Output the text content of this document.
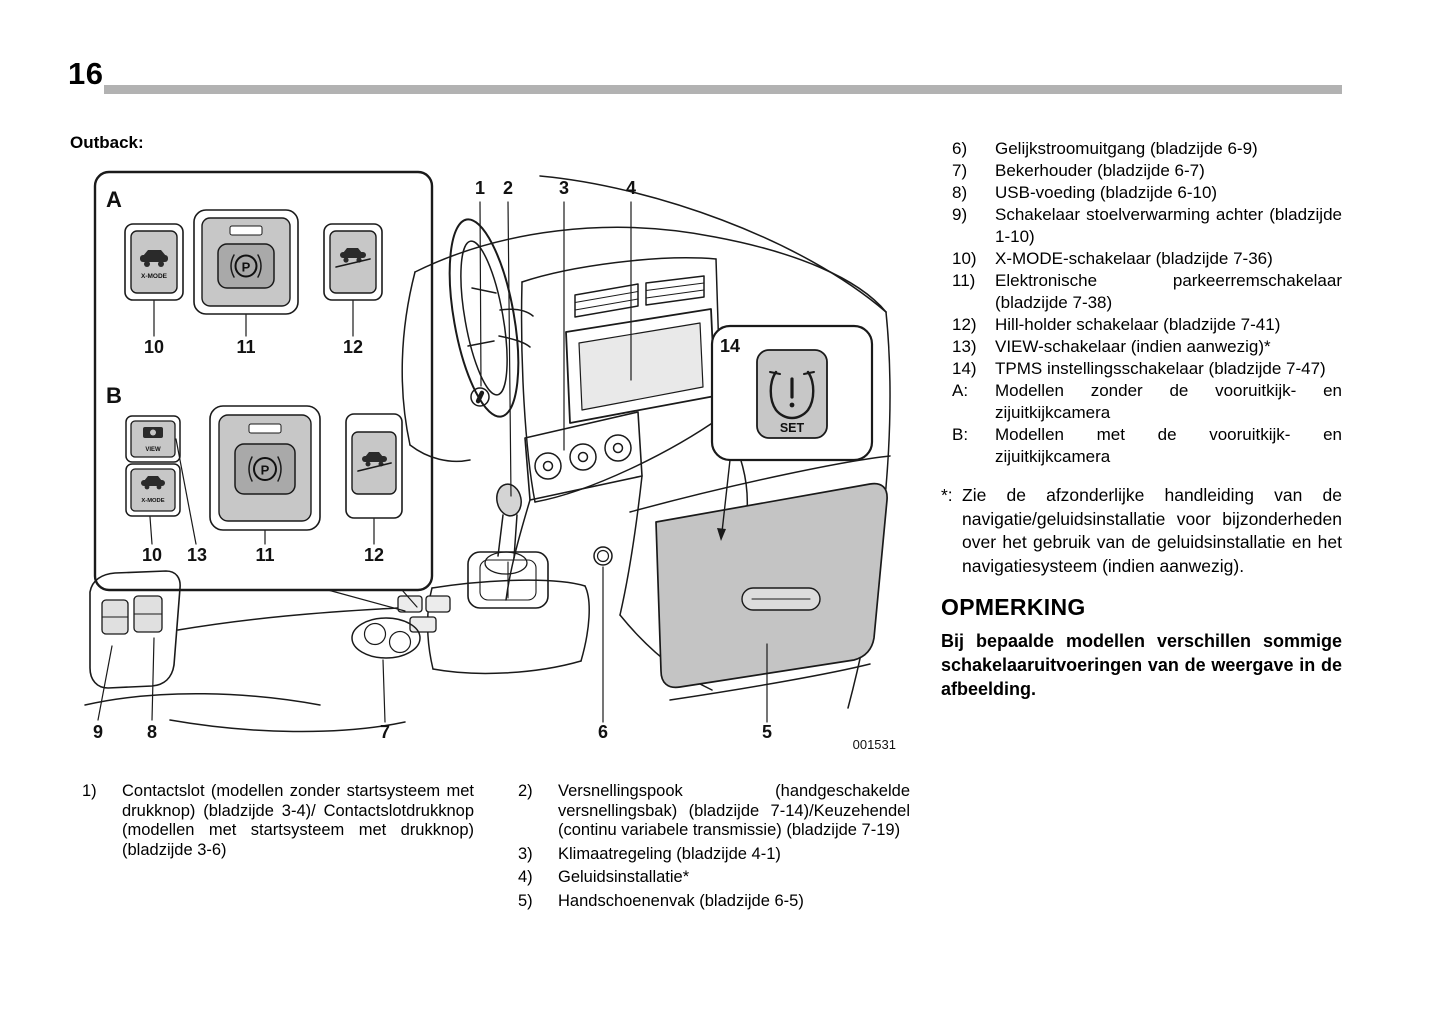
16
Outback:
A
B
X-MODE
P
VIEW
X-MODE
P
10	11	12
10 13	11	12
1 2	3	4
9 8	7	6	5
14
SET
001531
1)	Contactslot (modellen zonder startsysteem met drukknop) (bladzijde 3-4)/ Contactslotdrukknop (modellen met startsysteem met drukknop) (bladzijde 3-6)
2)	Versnellingspook (handgeschakelde versnellingsbak) (bladzijde 7-14)/Keuzehendel (continu variabele transmissie) (bladzijde 7-19)
3)	Klimaatregeling (bladzijde 4-1)
4)	Geluidsinstallatie*
5)	Handschoenenvak (bladzijde 6-5)
6)	Gelijkstroomuitgang (bladzijde 6-9)
7)	Bekerhouder (bladzijde 6-7)
8)	USB-voeding (bladzijde 6-10)
9)	Schakelaar stoelverwarming achter (bladzijde 1-10)
10)	X-MODE-schakelaar (bladzijde 7-36)
11)	Elektronische parkeerremschakelaar (bladzijde 7-38)
12)	Hill-holder schakelaar (bladzijde 7-41)
13)	VIEW-schakelaar (indien aanwezig)*
14)	TPMS instellingsschakelaar (bladzijde 7-47)
A:	Modellen zonder de vooruitkijk- en zijuitkijkcamera
B:	Modellen met de vooruitkijk- en zijuitkijkcamera
*: Zie de afzonderlijke handleiding van de navigatie/geluidsinstallatie voor bijzonderheden over het gebruik van de geluidsinstallatie en het navigatiesysteem (indien aanwezig).
OPMERKING
Bij bepaalde modellen verschillen sommige schakelaaruitvoeringen van de weergave in de afbeelding.
